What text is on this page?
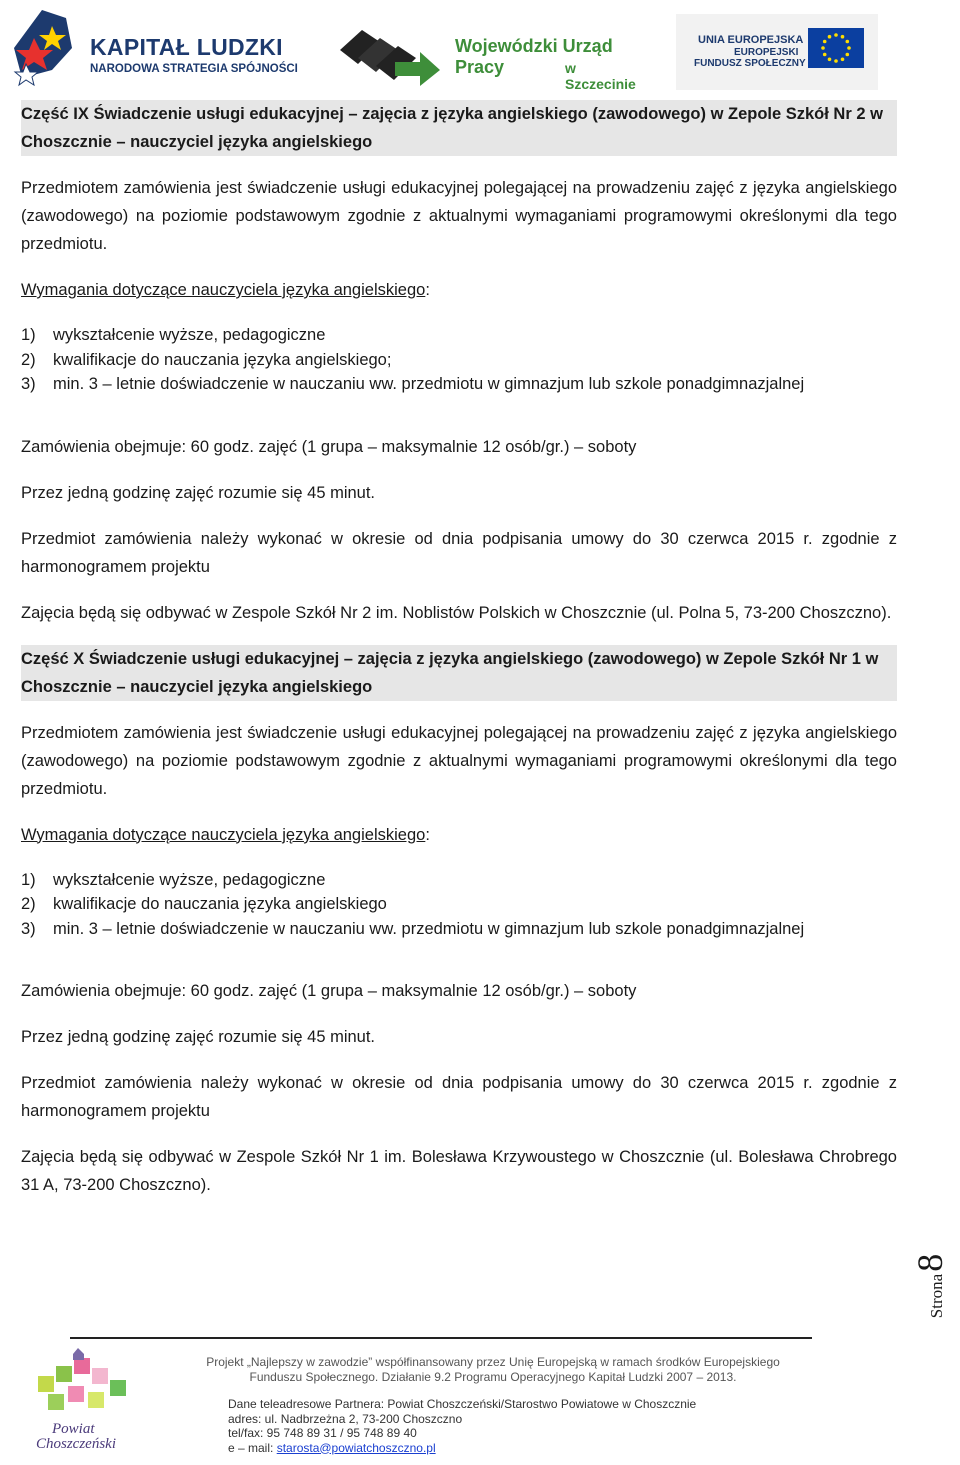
KAPITAŁ LUDZKI
NARODOWA STRATEGIA SPÓJNOŚCI
Wojewódzki Urząd Pracy	w Szczecinie
UNIA EUROPEJSKA
EUROPEJSKI
FUNDUSZ SPOŁECZNY
Część IX Świadczenie usługi edukacyjnej – zajęcia z języka angielskiego (zawodowego) w Zepole Szkół Nr 2 w Choszcznie – nauczyciel języka angielskiego

Przedmiotem zamówienia jest świadczenie usługi edukacyjnej polegającej na prowadzeniu zajęć z języka angielskiego (zawodowego) na poziomie podstawowym zgodnie z aktualnymi wymaganiami programowymi określonymi dla tego przedmiotu.

Wymagania dotyczące nauczyciela języka angielskiego:

1)	wykształcenie wyższe, pedagogiczne
2)	kwalifikacje do nauczania języka angielskiego;
3)	min. 3 – letnie doświadczenie w nauczaniu ww. przedmiotu w gimnazjum lub szkole ponadgimnazjalnej

Zamówienia obejmuje: 60 godz. zajęć (1 grupa – maksymalnie 12 osób/gr.) – soboty

Przez jedną godzinę zajęć rozumie się 45 minut.

Przedmiot zamówienia należy wykonać w okresie od dnia podpisania umowy do 30 czerwca 2015 r. zgodnie z harmonogramem projektu

Zajęcia będą się odbywać w Zespole Szkół Nr 2 im. Noblistów Polskich w Choszcznie (ul. Polna 5, 73-200 Choszczno).

Część X Świadczenie usługi edukacyjnej – zajęcia z języka angielskiego (zawodowego) w Zepole Szkół Nr 1 w Choszcznie – nauczyciel języka angielskiego

Przedmiotem zamówienia jest świadczenie usługi edukacyjnej polegającej na prowadzeniu zajęć z języka angielskiego (zawodowego) na poziomie podstawowym zgodnie z aktualnymi wymaganiami programowymi określonymi dla tego przedmiotu.

Wymagania dotyczące nauczyciela języka angielskiego:

1)	wykształcenie wyższe, pedagogiczne
2)	kwalifikacje do nauczania języka angielskiego
3)	min. 3 – letnie doświadczenie w nauczaniu ww. przedmiotu w gimnazjum lub szkole ponadgimnazjalnej

Zamówienia obejmuje: 60 godz. zajęć (1 grupa – maksymalnie 12 osób/gr.) – soboty

Przez jedną godzinę zajęć rozumie się 45 minut.

Przedmiot zamówienia należy wykonać w okresie od dnia podpisania umowy do 30 czerwca 2015 r. zgodnie z harmonogramem projektu

Zajęcia będą się odbywać w Zespole Szkół Nr 1 im. Bolesława Krzywoustego w Choszcznie (ul. Bolesława Chrobrego 31 A, 73-200 Choszczno).

Strona8
Powiat
Choszczeński
Projekt „Najlepszy w zawodzie” współfinansowany przez Unię Europejską w ramach środków Europejskiego
Funduszu Społecznego. Działanie 9.2 Programu Operacyjnego Kapitał Ludzki 2007 – 2013.
Dane teleadresowe Partnera: Powiat Choszczeński/Starostwo Powiatowe w Choszcznie
adres: ul. Nadbrzeżna 2, 73-200 Choszczno
tel/fax: 95 748 89 31 / 95 748 89 40
e – mail: starosta@powiatchoszczno.pl
